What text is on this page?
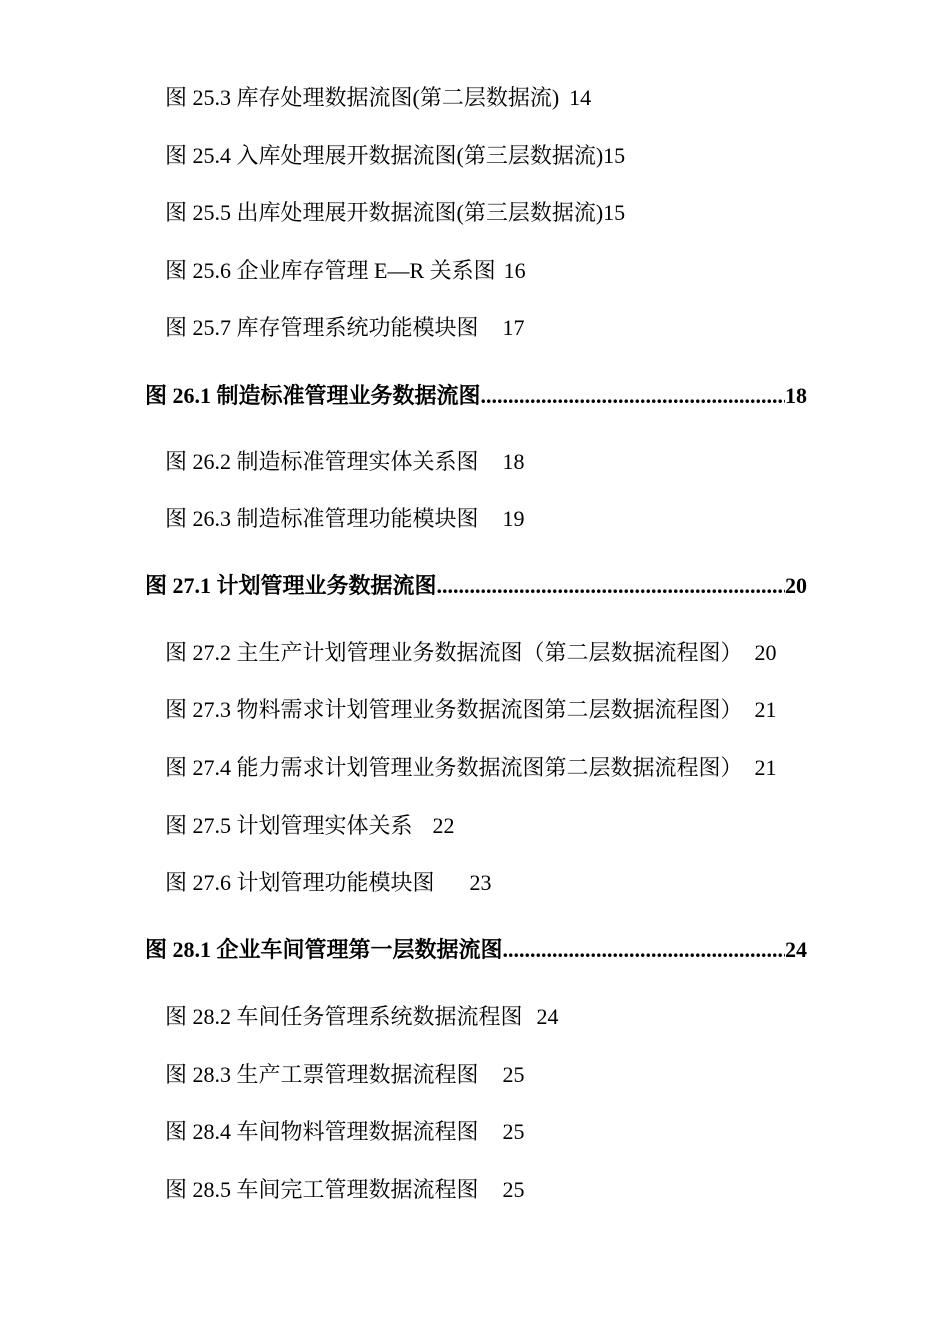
图 25.3 库存处理数据流图(第二层数据流) 14
图 25.4 入库处理展开数据流图(第三层数据流)15
图 25.5 出库处理展开数据流图(第三层数据流)15
图 25.6 企业库存管理 E—R 关系图 16
图 25.7 库存管理系统功能模块图 17
图 26.1 制造标准管理业务数据流图 .....	18
图 26.2 制造标准管理实体关系图 18
图 26.3 制造标准管理功能模块图 19
图 27.1 计划管理业务数据流图 .....	20
图 27.2 主生产计划管理业务数据流图（第二层数据流程图） 20
图 27.3 物料需求计划管理业务数据流图第二层数据流程图） 21
图 27.4 能力需求计划管理业务数据流图第二层数据流程图） 21
图 27.5 计划管理实体关系 22
图 27.6 计划管理功能模块图 23
图 28.1 企业车间管理第一层数据流图 .....	24
图 28.2 车间任务管理系统数据流程图 24
图 28.3 生产工票管理数据流程图 25
图 28.4 车间物料管理数据流程图 25
图 28.5 车间完工管理数据流程图 25
